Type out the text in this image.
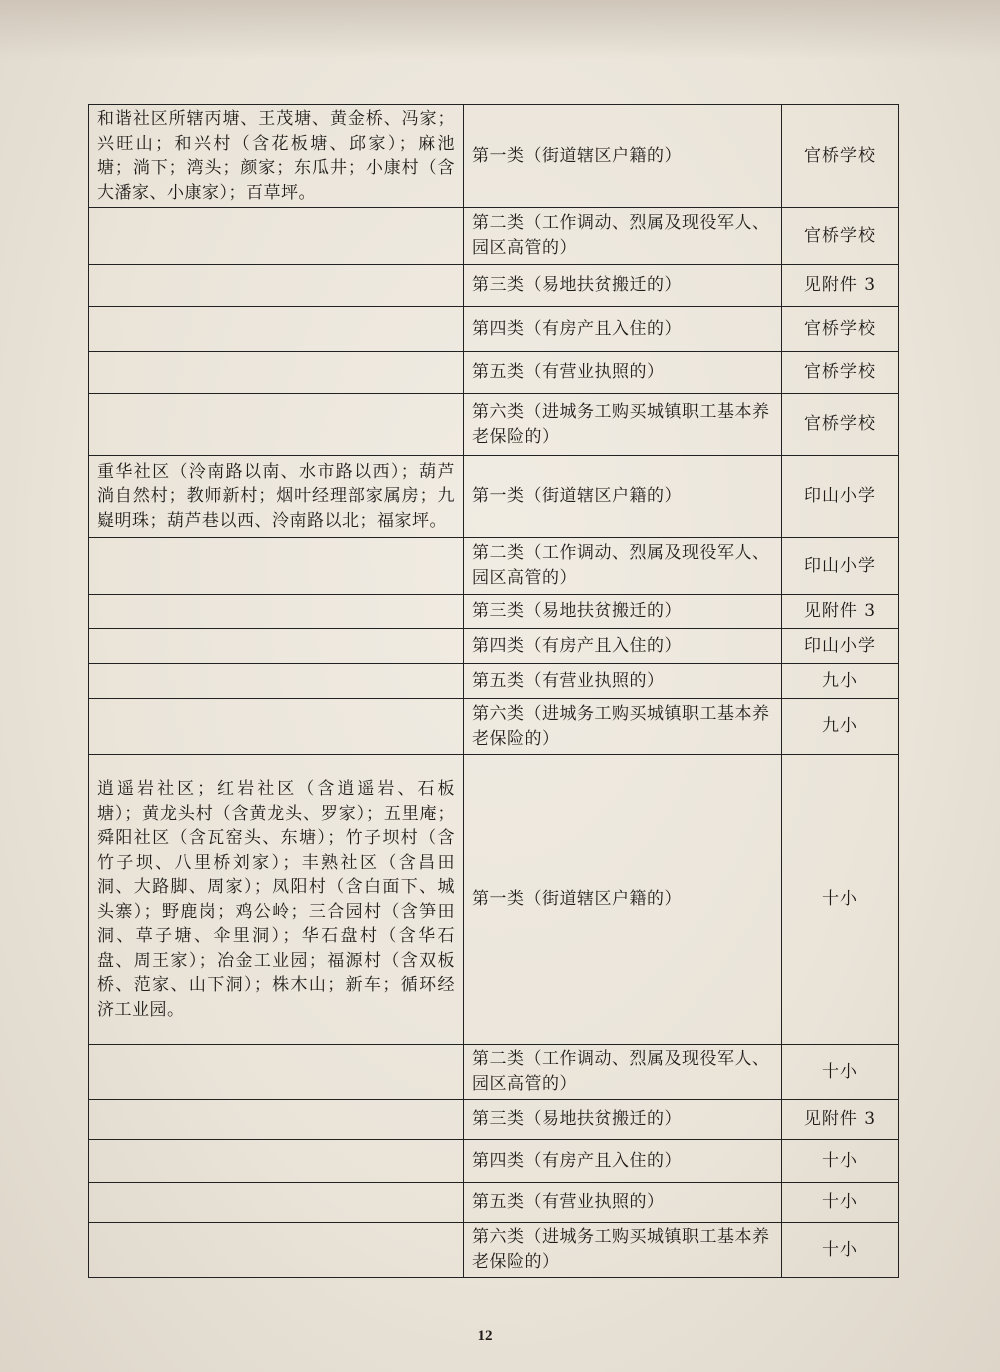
和谐社区所辖丙塘、王茂塘、黄金桥、冯家；兴旺山；和兴村（含花板塘、邱家）；麻池塘；淌下；湾头；颜家；东瓜井；小康村（含大潘家、小康家）；百草坪。	第一类（街道辖区户籍的）	官桥学校
	第二类（工作调动、烈属及现役军人、园区高管的）	官桥学校
	第三类（易地扶贫搬迁的）	见附件 3
	第四类（有房产且入住的）	官桥学校
	第五类（有营业执照的）	官桥学校
	第六类（进城务工购买城镇职工基本养老保险的）	官桥学校
重华社区（泠南路以南、水市路以西）；葫芦淌自然村；教师新村；烟叶经理部家属房；九嶷明珠；葫芦巷以西、泠南路以北；福家坪。	第一类（街道辖区户籍的）	印山小学
	第二类（工作调动、烈属及现役军人、园区高管的）	印山小学
	第三类（易地扶贫搬迁的）	见附件 3
	第四类（有房产且入住的）	印山小学
	第五类（有营业执照的）	九小
	第六类（进城务工购买城镇职工基本养老保险的）	九小
逍遥岩社区；红岩社区（含逍遥岩、石板塘）；黄龙头村（含黄龙头、罗家）；五里庵；舜阳社区（含瓦窑头、东塘）；竹子坝村（含竹子坝、八里桥刘家）；丰熟社区（含昌田洞、大路脚、周家）；凤阳村（含白面下、城头寨）；野鹿岗；鸡公岭；三合园村（含笋田洞、草子塘、伞里洞）；华石盘村（含华石盘、周王家）；冶金工业园；福源村（含双板桥、范家、山下洞）；株木山；新车；循环经济工业园。	第一类（街道辖区户籍的）	十小
	第二类（工作调动、烈属及现役军人、园区高管的）	十小
	第三类（易地扶贫搬迁的）	见附件 3
	第四类（有房产且入住的）	十小
	第五类（有营业执照的）	十小
	第六类（进城务工购买城镇职工基本养老保险的）	十小
12
